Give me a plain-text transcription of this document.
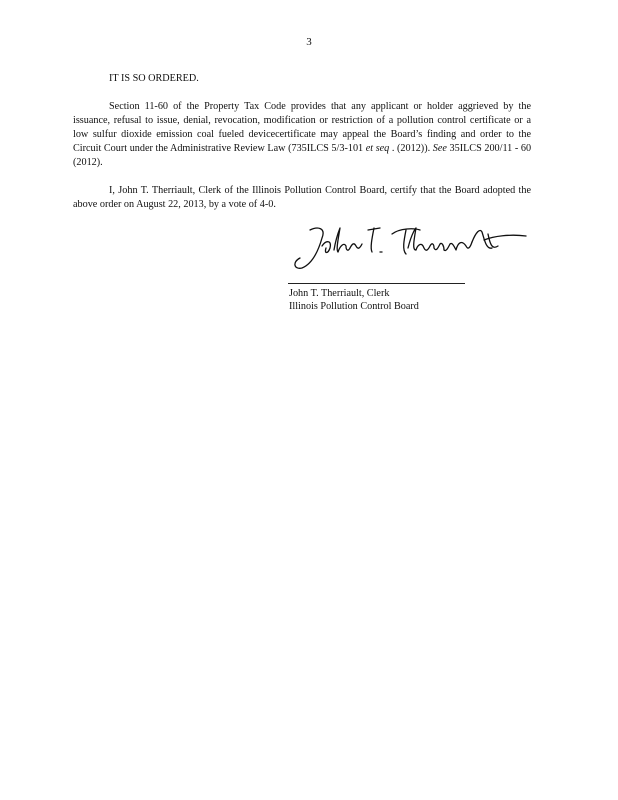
3
IT IS SO ORDERED.
Section 11-60 of the Property Tax Code provides that any applicant or holder aggrieved by the issuance, refusal to issue, denial, revocation, modification or restriction of a pollution control certificate or a low sulfur dioxide emission coal fueled devicecertificate may appeal the Board’s finding and order to the Circuit Court under the Administrative Review Law (735ILCS 5/3-101 et seq . (2012)). See 35ILCS 200/11 - 60 (2012).
I, John T. Therriault, Clerk of the Illinois Pollution Control Board, certify that the Board adopted the above order on August 22, 2013, by a vote of 4-0.
John T. Therriault, Clerk
Illinois Pollution Control Board
